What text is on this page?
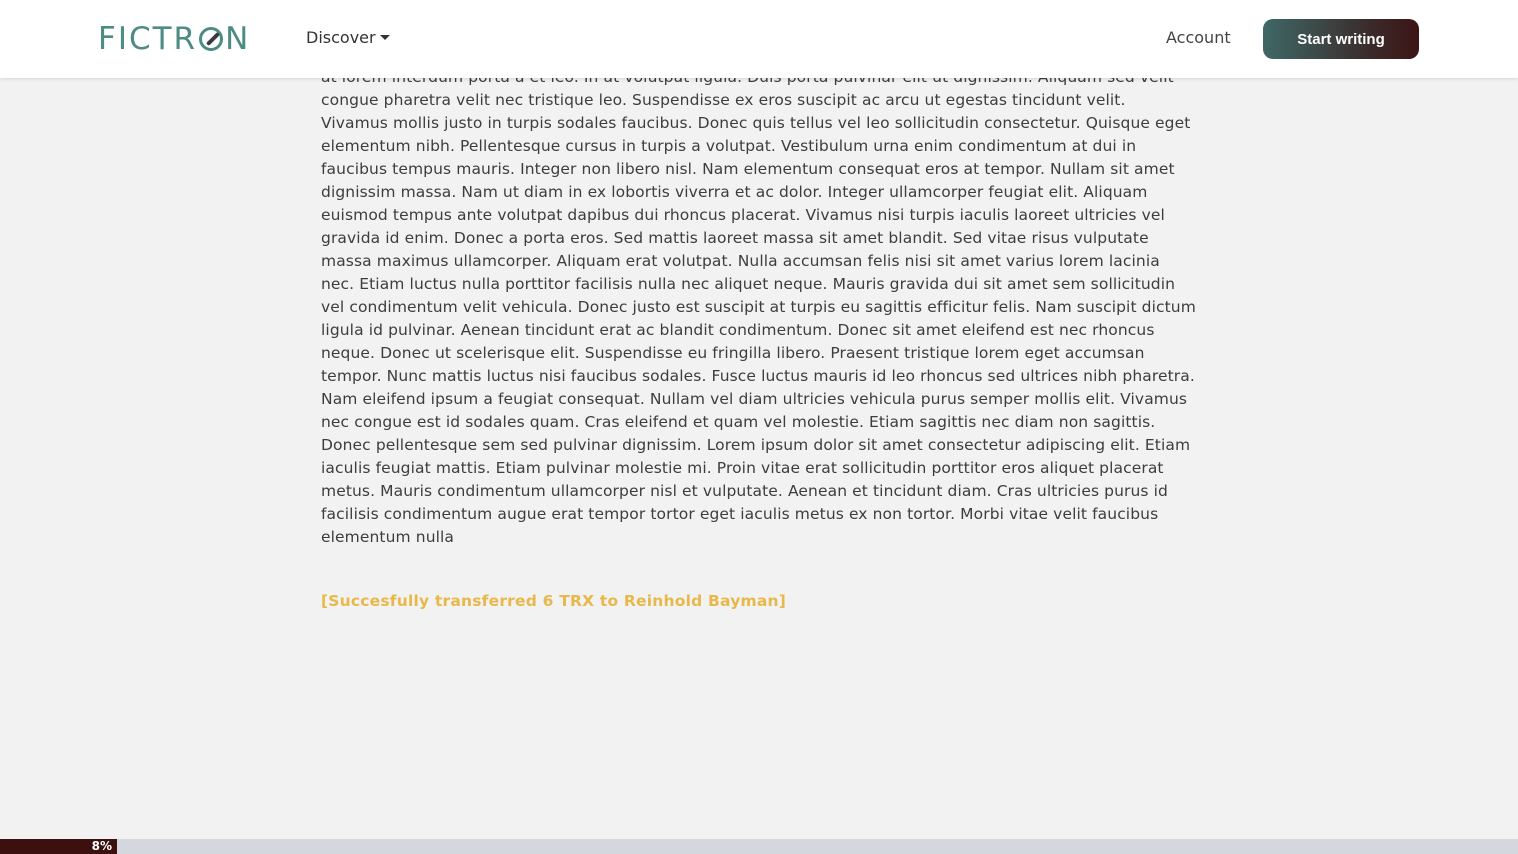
FICTR N	Discover	Account	Start writing

congue pharetra velit nec tristique leo. Suspendisse ex eros suscipit ac arcu ut egestas tincidunt velit. Vivamus mollis justo in turpis sodales faucibus. Donec quis tellus vel leo sollicitudin consectetur. Quisque eget elementum nibh. Pellentesque cursus in turpis a volutpat. Vestibulum urna enim condimentum at dui in faucibus tempus mauris. Integer non libero nisl. Nam elementum consequat eros at tempor. Nullam sit amet dignissim massa. Nam ut diam in ex lobortis viverra et ac dolor. Integer ullamcorper feugiat elit. Aliquam euismod tempus ante volutpat dapibus dui rhoncus placerat. Vivamus nisi turpis iaculis laoreet ultricies vel gravida id enim. Donec a porta eros. Sed mattis laoreet massa sit amet blandit. Sed vitae risus vulputate massa maximus ullamcorper. Aliquam erat volutpat. Nulla accumsan felis nisi sit amet varius lorem lacinia nec. Etiam luctus nulla porttitor facilisis nulla nec aliquet neque. Mauris gravida dui sit amet sem sollicitudin vel condimentum velit vehicula. Donec justo est suscipit at turpis eu sagittis efficitur felis. Nam suscipit dictum ligula id pulvinar. Aenean tincidunt erat ac blandit condimentum. Donec sit amet eleifend est nec rhoncus neque. Donec ut scelerisque elit. Suspendisse eu fringilla libero. Praesent tristique lorem eget accumsan tempor. Nunc mattis luctus nisi faucibus sodales. Fusce luctus mauris id leo rhoncus sed ultrices nibh pharetra. Nam eleifend ipsum a feugiat consequat. Nullam vel diam ultricies vehicula purus semper mollis elit. Vivamus nec congue est id sodales quam. Cras eleifend et quam vel molestie. Etiam sagittis nec diam non sagittis. Donec pellentesque sem sed pulvinar dignissim. Lorem ipsum dolor sit amet consectetur adipiscing elit. Etiam iaculis feugiat mattis. Etiam pulvinar molestie mi. Proin vitae erat sollicitudin porttitor eros aliquet placerat metus. Mauris condimentum ullamcorper nisl et vulputate. Aenean et tincidunt diam. Cras ultricies purus id facilisis condimentum augue erat tempor tortor eget iaculis metus ex non tortor. Morbi vitae velit faucibus elementum nulla

[Succesfully transferred 6 TRX to Reinhold Bayman]
8%
